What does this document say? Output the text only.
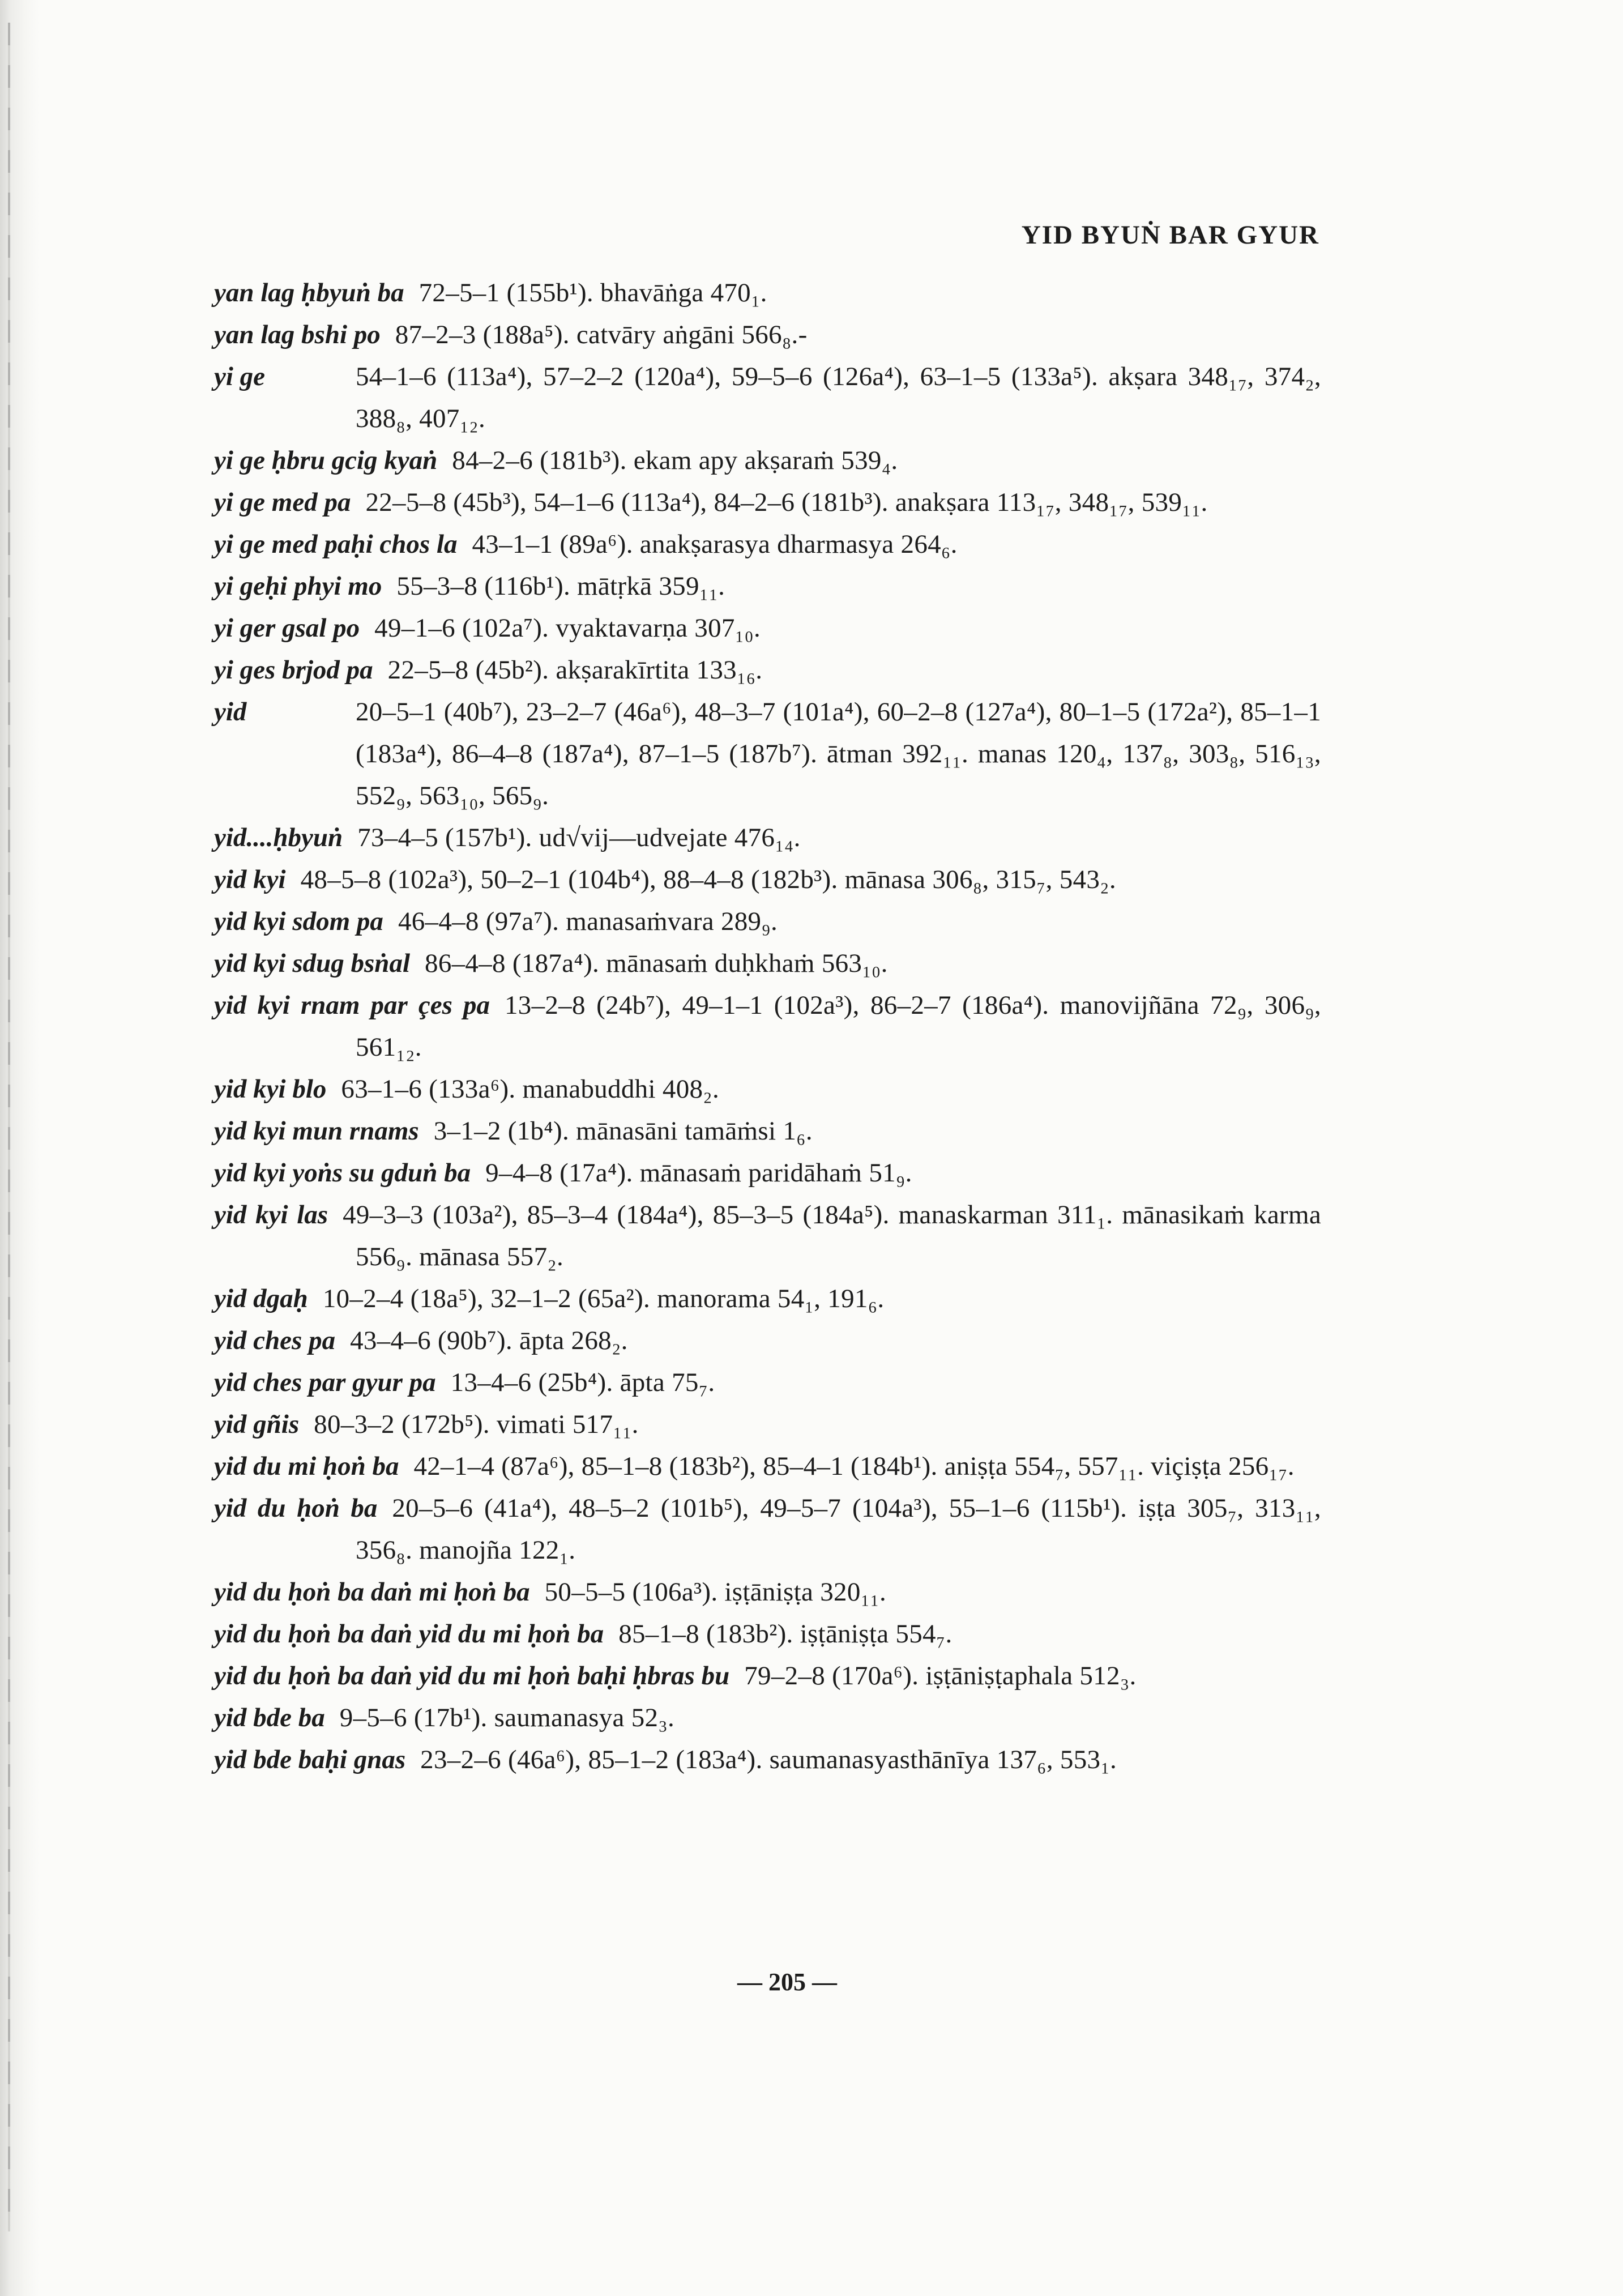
YID BYUṄ BAR GYUR
yan lag ḥbyuṅ ba 72–5–1 (155b¹). bhavāṅga 470₁.
yan lag bshi po 87–2–3 (188a⁵). catvāry aṅgāni 566₈.-
yi ge	54–1–6 (113a⁴), 57–2–2 (120a⁴), 59–5–6 (126a⁴), 63–1–5 (133a⁵). akṣara 348₁₇, 374₂, 388₈, 407₁₂.
yi ge ḥbru gcig kyaṅ 84–2–6 (181b³). ekam apy akṣaraṁ 539₄.
yi ge med pa 22–5–8 (45b³), 54–1–6 (113a⁴), 84–2–6 (181b³). anakṣara 113₁₇, 348₁₇, 539₁₁.
yi ge med paḥi chos la 43–1–1 (89a⁶). anakṣarasya dharmasya 264₆.
yi geḥi phyi mo 55–3–8 (116b¹). mātṛkā 359₁₁.
yi ger gsal po 49–1–6 (102a⁷). vyaktavarṇa 307₁₀.
yi ges brjod pa 22–5–8 (45b²). akṣarakīrtita 133₁₆.
yid	20–5–1 (40b⁷), 23–2–7 (46a⁶), 48–3–7 (101a⁴), 60–2–8 (127a⁴), 80–1–5 (172a²), 85–1–1 (183a⁴), 86–4–8 (187a⁴), 87–1–5 (187b⁷). ātman 392₁₁. manas 120₄, 137₈, 303₈, 516₁₃, 552₉, 563₁₀, 565₉.
yid....ḥbyuṅ 73–4–5 (157b¹). ud√vij—udvejate 476₁₄.
yid kyi 48–5–8 (102a³), 50–2–1 (104b⁴), 88–4–8 (182b³). mānasa 306₈, 315₇, 543₂.
yid kyi sdom pa 46–4–8 (97a⁷). manasaṁvara 289₉.
yid kyi sdug bsṅal 86–4–8 (187a⁴). mānasaṁ duḥkhaṁ 563₁₀.
yid kyi rnam par çes pa 13–2–8 (24b⁷), 49–1–1 (102a³), 86–2–7 (186a⁴). manovijñāna 72₉, 306₉, 561₁₂.
yid kyi blo 63–1–6 (133a⁶). manabuddhi 408₂.
yid kyi mun rnams 3–1–2 (1b⁴). mānasāni tamāṁsi 1₆.
yid kyi yoṅs su gduṅ ba 9–4–8 (17a⁴). mānasaṁ paridāhaṁ 51₉.
yid kyi las 49–3–3 (103a²), 85–3–4 (184a⁴), 85–3–5 (184a⁵). manaskarman 311₁. mānasikaṁ karma 556₉. mānasa 557₂.
yid dgaḥ 10–2–4 (18a⁵), 32–1–2 (65a²). manorama 54₁, 191₆.
yid ches pa 43–4–6 (90b⁷). āpta 268₂.
yid ches par gyur pa 13–4–6 (25b⁴). āpta 75₇.
yid gñis 80–3–2 (172b⁵). vimati 517₁₁.
yid du mi ḥoṅ ba 42–1–4 (87a⁶), 85–1–8 (183b²), 85–4–1 (184b¹). aniṣṭa 554₇, 557₁₁. viçiṣṭa 256₁₇.
yid du ḥoṅ ba 20–5–6 (41a⁴), 48–5–2 (101b⁵), 49–5–7 (104a³), 55–1–6 (115b¹). iṣṭa 305₇, 313₁₁, 356₈. manojña 122₁.
yid du ḥoṅ ba daṅ mi ḥoṅ ba 50–5–5 (106a³). iṣṭāniṣṭa 320₁₁.
yid du ḥoṅ ba daṅ yid du mi ḥoṅ ba 85–1–8 (183b²). iṣṭāniṣṭa 554₇.
yid du ḥoṅ ba daṅ yid du mi ḥoṅ baḥi ḥbras bu 79–2–8 (170a⁶). iṣṭāniṣṭaphala 512₃.
yid bde ba 9–5–6 (17b¹). saumanasya 52₃.
yid bde baḥi gnas 23–2–6 (46a⁶), 85–1–2 (183a⁴). saumanasyasthānīya 137₆, 553₁.
— 205 —
